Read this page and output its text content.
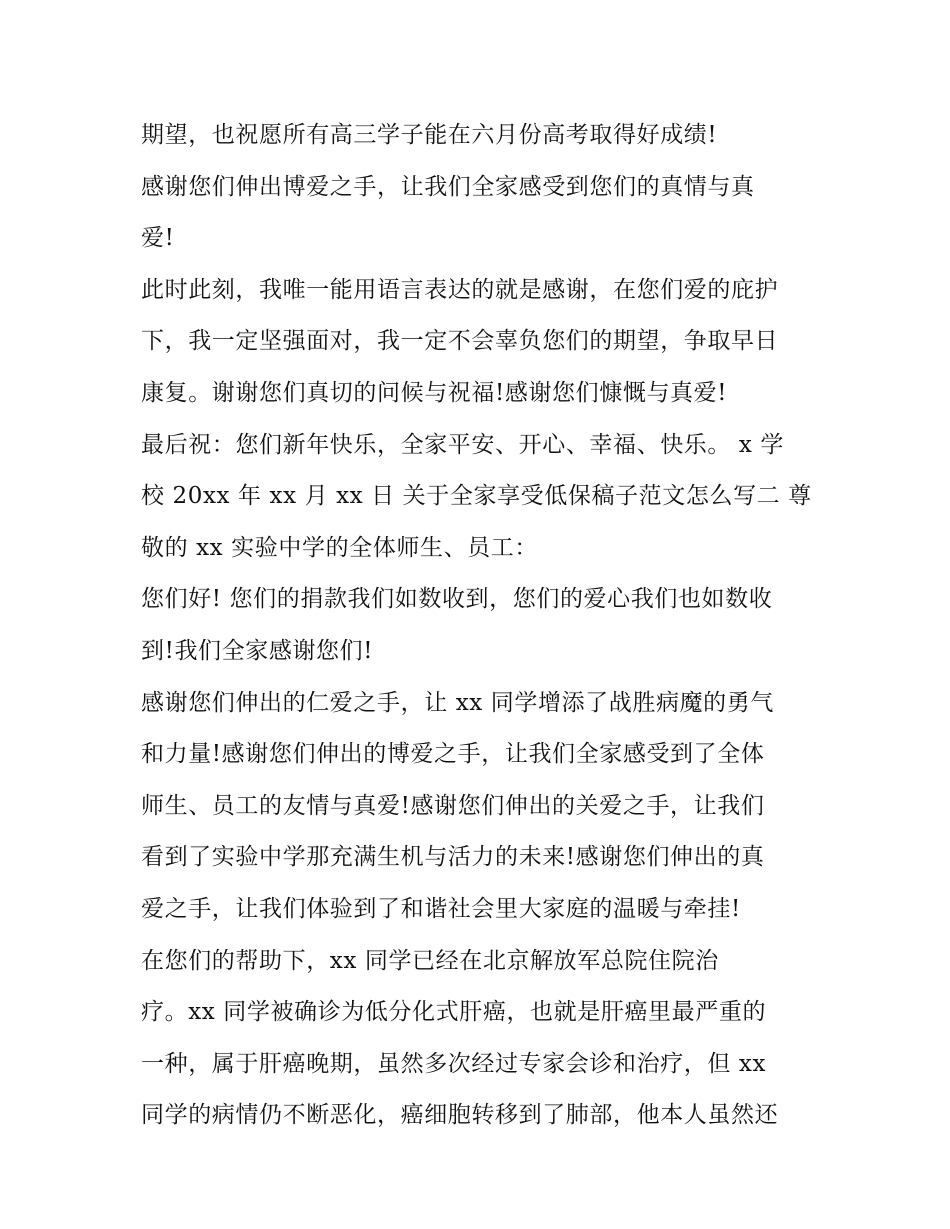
期望，也祝愿所有高三学子能在六月份高考取得好成绩!
感谢您们伸出博爱之手，让我们全家感受到您们的真情与真
爱!
此时此刻，我唯一能用语言表达的就是感谢，在您们爱的庇护
下，我一定坚强面对，我一定不会辜负您们的期望，争取早日
康复。谢谢您们真切的问候与祝福!感谢您们慷慨与真爱!
最后祝：您们新年快乐，全家平安、开心、幸福、快乐。 x 学
校 20xx 年 xx 月 xx 日 关于全家享受低保稿子范文怎么写二 尊
敬的 xx 实验中学的全体师生、员工：
您们好! 您们的捐款我们如数收到，您们的爱心我们也如数收
到!我们全家感谢您们!
感谢您们伸出的仁爱之手，让 xx 同学增添了战胜病魔的勇气
和力量!感谢您们伸出的博爱之手，让我们全家感受到了全体
师生、员工的友情与真爱!感谢您们伸出的关爱之手，让我们
看到了实验中学那充满生机与活力的未来!感谢您们伸出的真
爱之手，让我们体验到了和谐社会里大家庭的温暖与牵挂!
在您们的帮助下，xx 同学已经在北京解放军总院住院治
疗。xx 同学被确诊为低分化式肝癌，也就是肝癌里最严重的
一种，属于肝癌晚期，虽然多次经过专家会诊和治疗，但 xx
同学的病情仍不断恶化，癌细胞转移到了肺部，他本人虽然还
